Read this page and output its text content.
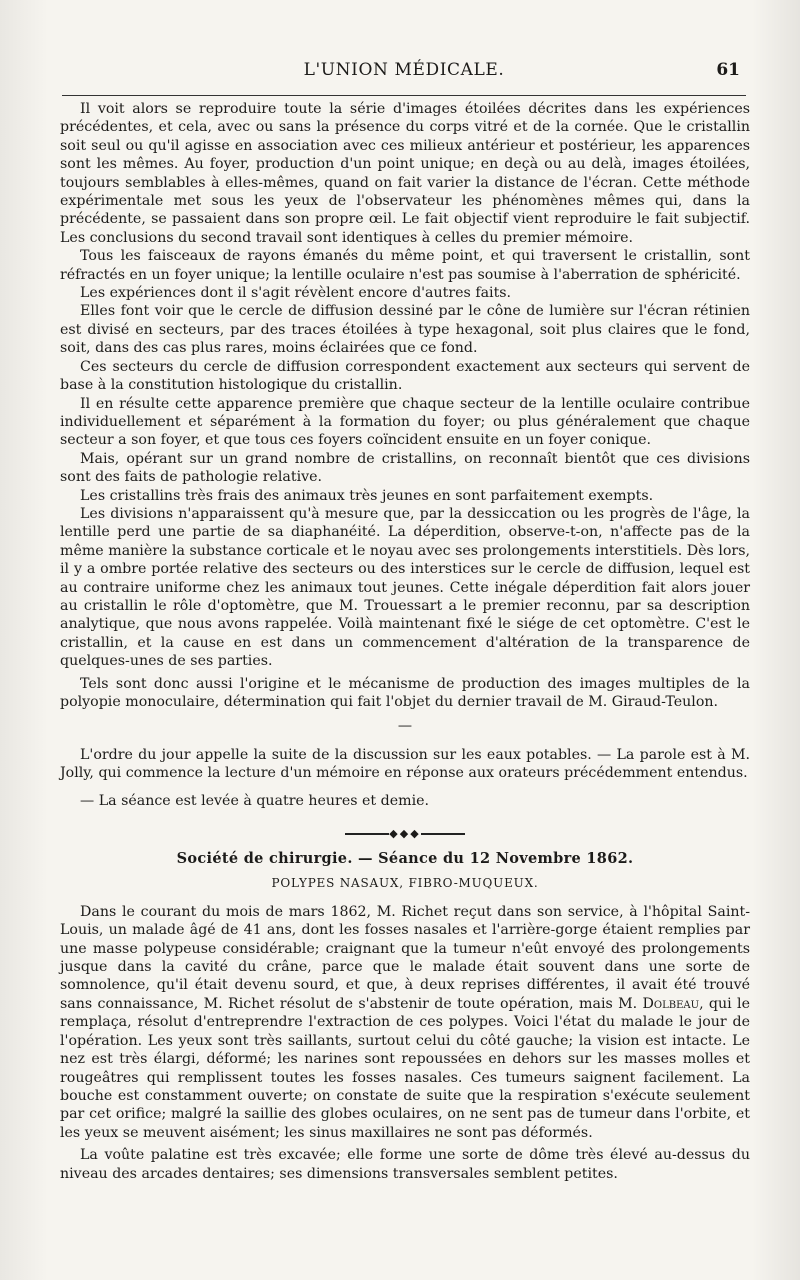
L'UNION MÉDICALE.	61

Il voit alors se reproduire toute la série d'images étoilées décrites dans les expériences précédentes, et cela, avec ou sans la présence du corps vitré et de la cornée. Que le cristallin soit seul ou qu'il agisse en association avec ces milieux antérieur et postérieur, les apparences sont les mêmes. Au foyer, production d'un point unique; en deçà ou au delà, images étoilées, toujours semblables à elles-mêmes, quand on fait varier la distance de l'écran. Cette méthode expérimentale met sous les yeux de l'observateur les phénomènes mêmes qui, dans la précédente, se passaient dans son propre œil. Le fait objectif vient reproduire le fait subjectif. Les conclusions du second travail sont identiques à celles du premier mémoire.

Tous les faisceaux de rayons émanés du même point, et qui traversent le cristallin, sont réfractés en un foyer unique; la lentille oculaire n'est pas soumise à l'aberration de sphéricité.

Les expériences dont il s'agit révèlent encore d'autres faits.

Elles font voir que le cercle de diffusion dessiné par le cône de lumière sur l'écran rétinien est divisé en secteurs, par des traces étoilées à type hexagonal, soit plus claires que le fond, soit, dans des cas plus rares, moins éclairées que ce fond.

Ces secteurs du cercle de diffusion correspondent exactement aux secteurs qui servent de base à la constitution histologique du cristallin.

Il en résulte cette apparence première que chaque secteur de la lentille oculaire contribue individuellement et séparément à la formation du foyer; ou plus généralement que chaque secteur a son foyer, et que tous ces foyers coïncident ensuite en un foyer conique.

Mais, opérant sur un grand nombre de cristallins, on reconnaît bientôt que ces divisions sont des faits de pathologie relative.

Les cristallins très frais des animaux très jeunes en sont parfaitement exempts.

Les divisions n'apparaissent qu'à mesure que, par la dessiccation ou les progrès de l'âge, la lentille perd une partie de sa diaphanéité. La déperdition, observe-t-on, n'affecte pas de la même manière la substance corticale et le noyau avec ses prolongements interstitiels. Dès lors, il y a ombre portée relative des secteurs ou des interstices sur le cercle de diffusion, lequel est au contraire uniforme chez les animaux tout jeunes. Cette inégale déperdition fait alors jouer au cristallin le rôle d'optomètre, que M. Trouessart a le premier reconnu, par sa description analytique, que nous avons rappelée. Voilà maintenant fixé le siége de cet optomètre. C'est le cristallin, et la cause en est dans un commencement d'altération de la transparence de quelques-unes de ses parties.

Tels sont donc aussi l'origine et le mécanisme de production des images multiples de la polyopie monoculaire, détermination qui fait l'objet du dernier travail de M. Giraud-Teulon.

—

L'ordre du jour appelle la suite de la discussion sur les eaux potables. — La parole est à M. Jolly, qui commence la lecture d'un mémoire en réponse aux orateurs précédemment entendus.

— La séance est levée à quatre heures et demie.

◆◆◆
Société de chirurgie. — Séance du 12 Novembre 1862.
POLYPES NASAUX, FIBRO-MUQUEUX.

Dans le courant du mois de mars 1862, M. Richet reçut dans son service, à l'hôpital Saint-Louis, un malade âgé de 41 ans, dont les fosses nasales et l'arrière-gorge étaient remplies par une masse polypeuse considérable; craignant que la tumeur n'eût envoyé des prolongements jusque dans la cavité du crâne, parce que le malade était souvent dans une sorte de somnolence, qu'il était devenu sourd, et que, à deux reprises différentes, il avait été trouvé sans connaissance, M. Richet résolut de s'abstenir de toute opération, mais M. Dolbeau, qui le remplaça, résolut d'entreprendre l'extraction de ces polypes. Voici l'état du malade le jour de l'opération. Les yeux sont très saillants, surtout celui du côté gauche; la vision est intacte. Le nez est très élargi, déformé; les narines sont repoussées en dehors sur les masses molles et rougeâtres qui remplissent toutes les fosses nasales. Ces tumeurs saignent facilement. La bouche est constamment ouverte; on constate de suite que la respiration s'exécute seulement par cet orifice; malgré la saillie des globes oculaires, on ne sent pas de tumeur dans l'orbite, et les yeux se meuvent aisément; les sinus maxillaires ne sont pas déformés.

La voûte palatine est très excavée; elle forme une sorte de dôme très élevé au-dessus du niveau des arcades dentaires; ses dimensions transversales semblent petites.
